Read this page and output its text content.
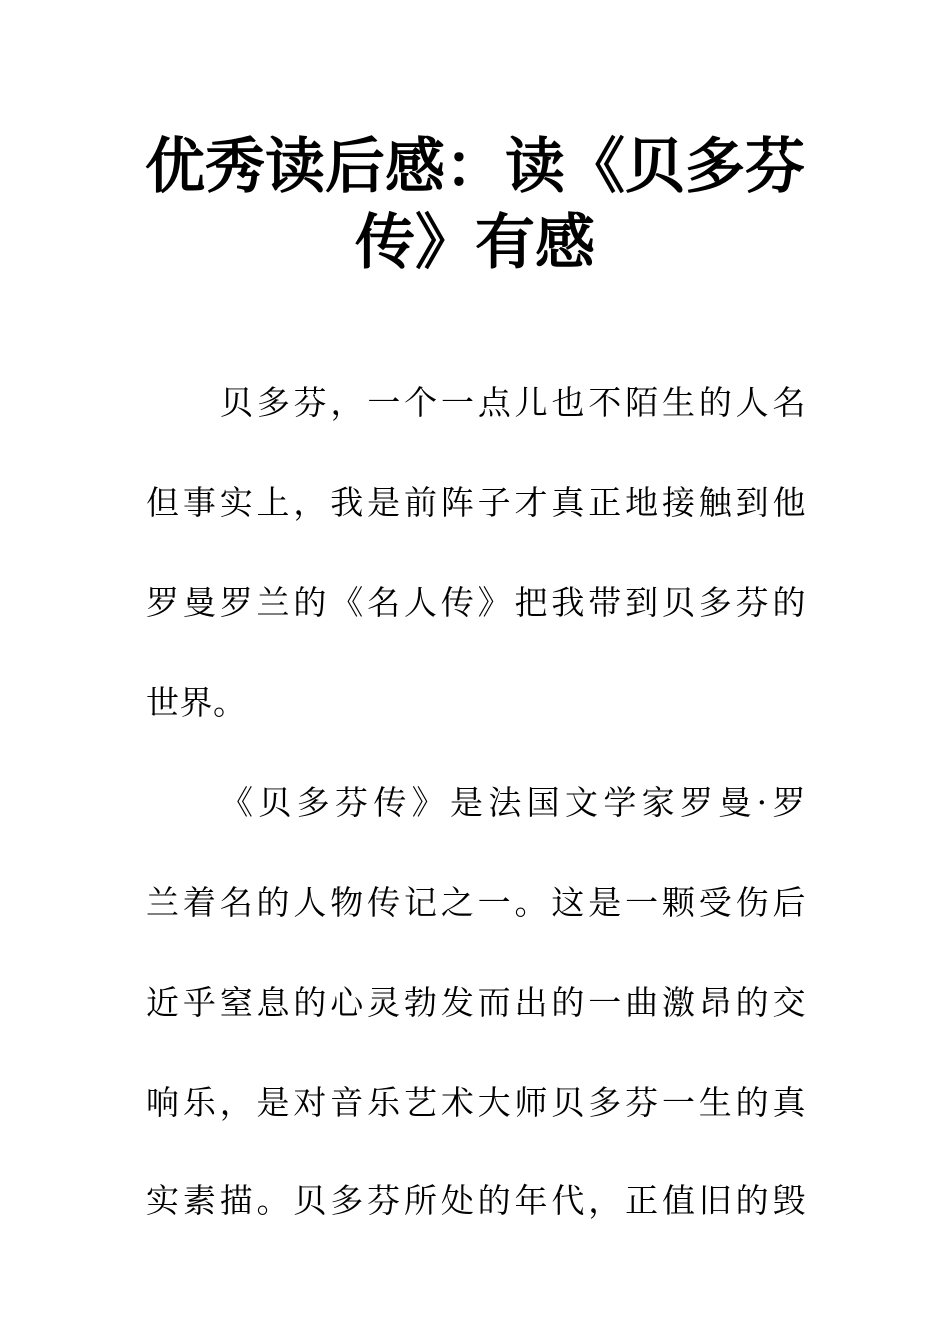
优秀读后感：读《贝多芬
传》有感

贝多芬，一个一点儿也不陌生的人名

但事实上，我是前阵子才真正地接触到他

罗曼罗兰的《名人传》把我带到贝多芬的

世界。

《贝多芬传》是法国文学家罗曼·罗

兰着名的人物传记之一。这是一颗受伤后

近乎窒息的心灵勃发而出的一曲激昂的交

响乐，是对音乐艺术大师贝多芬一生的真

实素描。贝多芬所处的年代，正值旧的毁
